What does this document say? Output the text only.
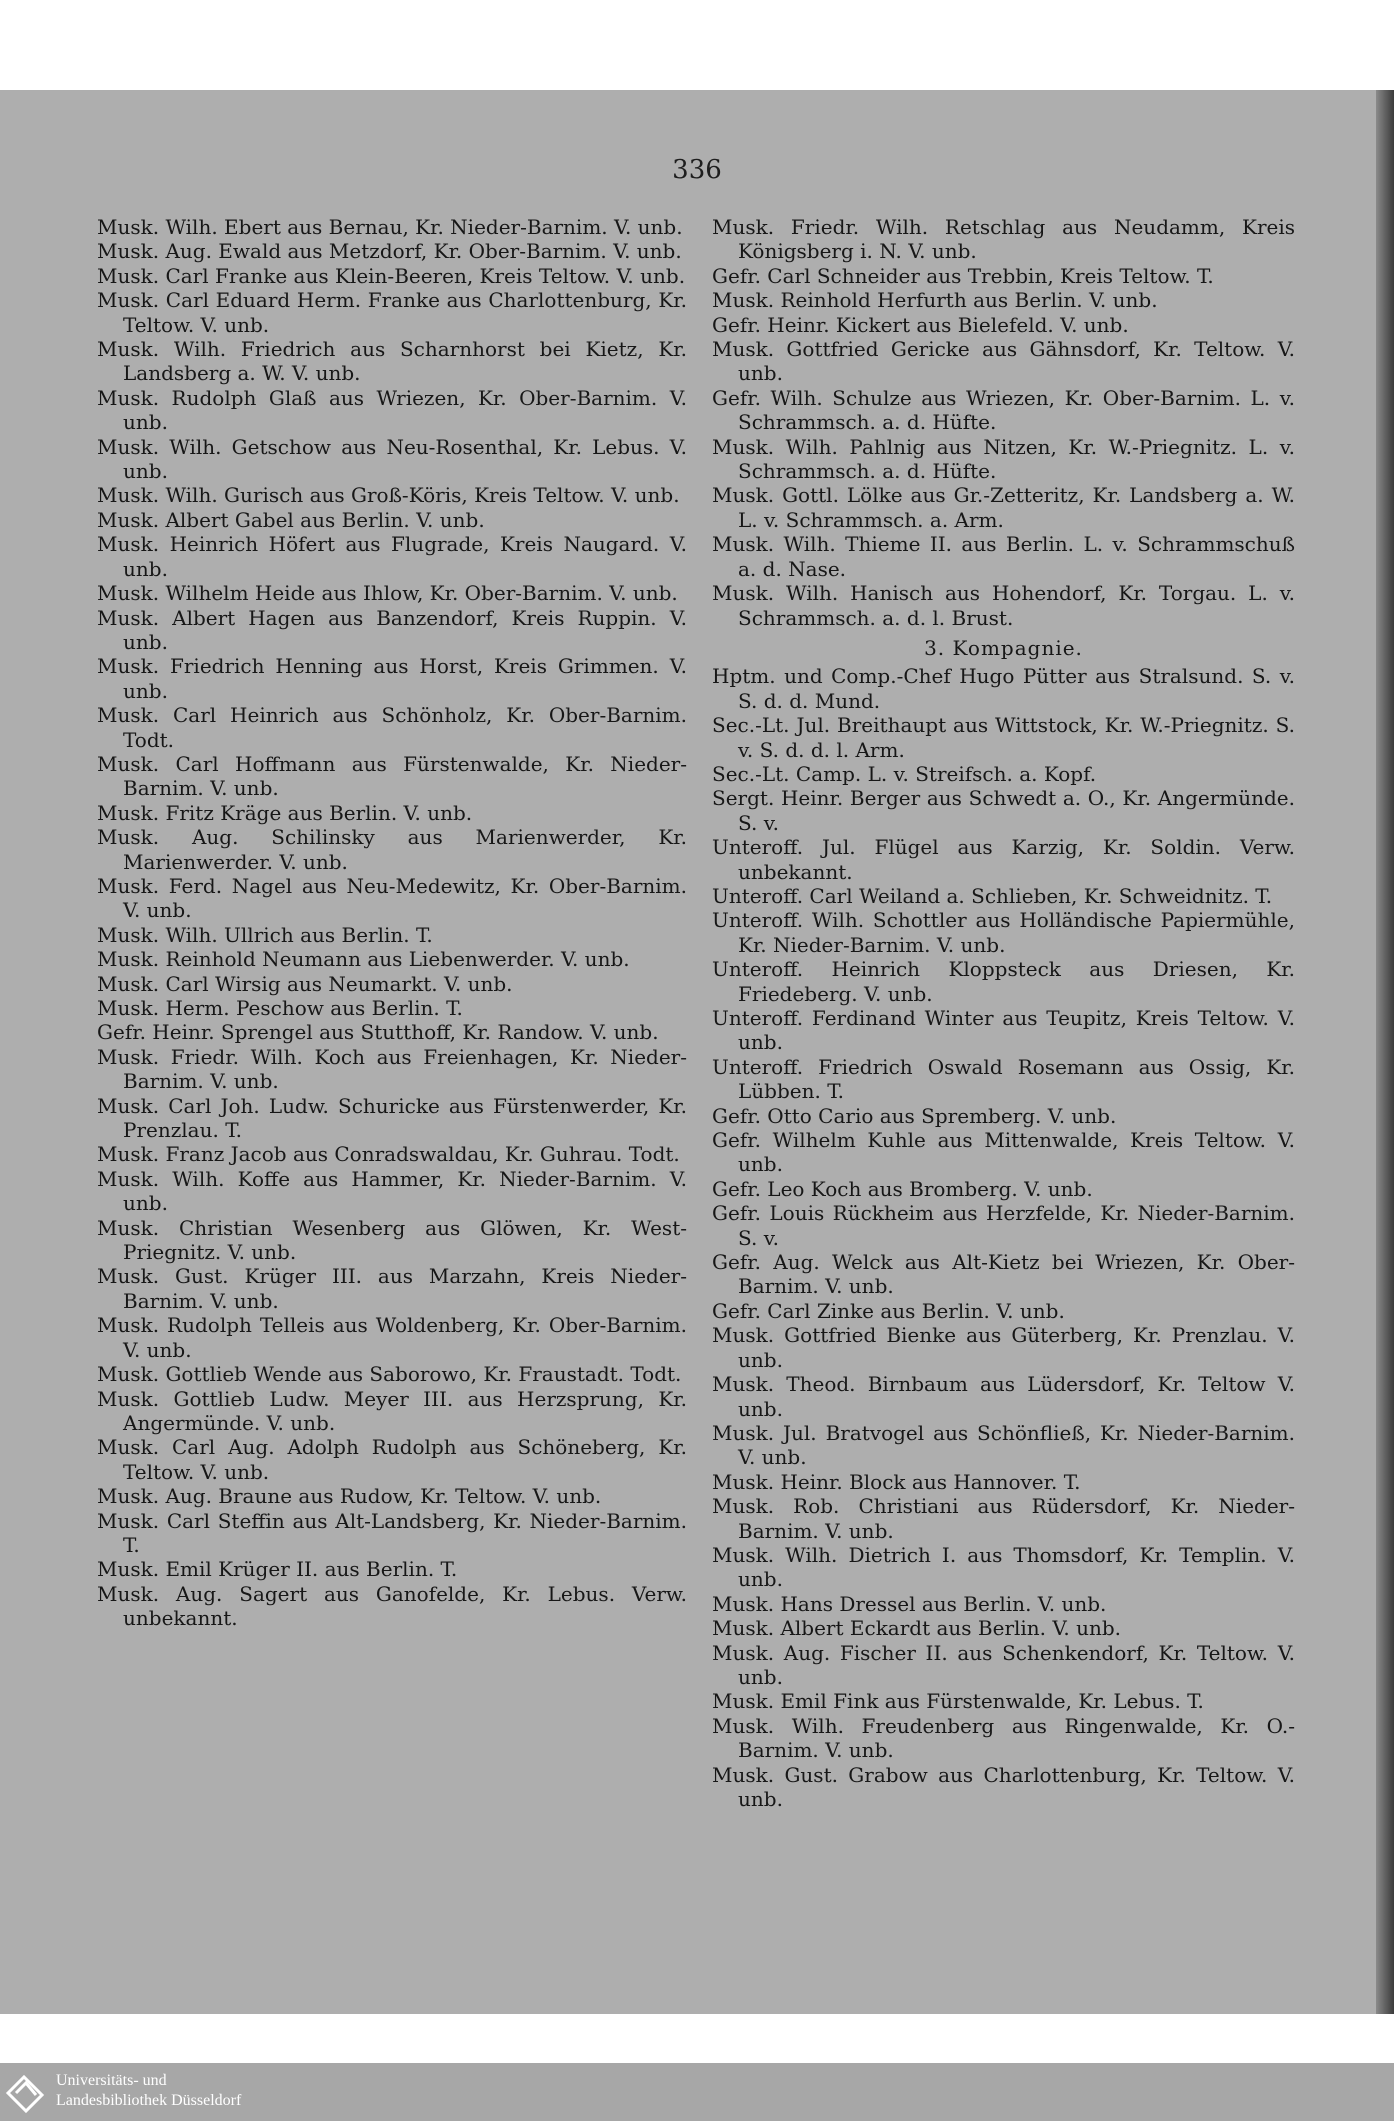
336
Musk. Wilh. Ebert aus Bernau, Kr. Nieder-Barnim. V. unb.
Musk. Aug. Ewald aus Metzdorf, Kr. Ober-Barnim. V. unb.
Musk. Carl Franke aus Klein-Beeren, Kreis Teltow. V. unb.
Musk. Carl Eduard Herm. Franke aus Charlottenburg, Kr. Teltow. V. unb.
Musk. Wilh. Friedrich aus Scharnhorst bei Kietz, Kr. Landsberg a. W. V. unb.
Musk. Rudolph Glaß aus Wriezen, Kr. Ober-Barnim. V. unb.
Musk. Wilh. Getschow aus Neu-Rosenthal, Kr. Lebus. V. unb.
Musk. Wilh. Gurisch aus Groß-Köris, Kreis Teltow. V. unb.
Musk. Albert Gabel aus Berlin. V. unb.
Musk. Heinrich Höfert aus Flugrade, Kreis Naugard. V. unb.
Musk. Wilhelm Heide aus Ihlow, Kr. Ober-Barnim. V. unb.
Musk. Albert Hagen aus Banzendorf, Kreis Ruppin. V. unb.
Musk. Friedrich Henning aus Horst, Kreis Grimmen. V. unb.
Musk. Carl Heinrich aus Schönholz, Kr. Ober-Barnim. Todt.
Musk. Carl Hoffmann aus Fürstenwalde, Kr. Nieder-Barnim. V. unb.
Musk. Fritz Kräge aus Berlin. V. unb.
Musk. Aug. Schilinsky aus Marienwerder, Kr. Marienwerder. V. unb.
Musk. Ferd. Nagel aus Neu-Medewitz, Kr. Ober-Barnim. V. unb.
Musk. Wilh. Ullrich aus Berlin. T.
Musk. Reinhold Neumann aus Liebenwerder. V. unb.
Musk. Carl Wirsig aus Neumarkt. V. unb.
Musk. Herm. Peschow aus Berlin. T.
Gefr. Heinr. Sprengel aus Stutthoff, Kr. Randow. V. unb.
Musk. Friedr. Wilh. Koch aus Freienhagen, Kr. Nieder-Barnim. V. unb.
Musk. Carl Joh. Ludw. Schuricke aus Fürstenwerder, Kr. Prenzlau. T.
Musk. Franz Jacob aus Conradswaldau, Kr. Guhrau. Todt.
Musk. Wilh. Koffe aus Hammer, Kr. Nieder-Barnim. V. unb.
Musk. Christian Wesenberg aus Glöwen, Kr. West-Priegnitz. V. unb.
Musk. Gust. Krüger III. aus Marzahn, Kreis Nieder-Barnim. V. unb.
Musk. Rudolph Telleis aus Woldenberg, Kr. Ober-Barnim. V. unb.
Musk. Gottlieb Wende aus Saborowo, Kr. Fraustadt. Todt.
Musk. Gottlieb Ludw. Meyer III. aus Herzsprung, Kr. Angermünde. V. unb.
Musk. Carl Aug. Adolph Rudolph aus Schöneberg, Kr. Teltow. V. unb.
Musk. Aug. Braune aus Rudow, Kr. Teltow. V. unb.
Musk. Carl Steffin aus Alt-Landsberg, Kr. Nieder-Barnim. T.
Musk. Emil Krüger II. aus Berlin. T.
Musk. Aug. Sagert aus Ganofelde, Kr. Lebus. Verw. unbekannt.
Musk. Friedr. Wilh. Retschlag aus Neudamm, Kreis Königsberg i. N. V. unb.
Gefr. Carl Schneider aus Trebbin, Kreis Teltow. T.
Musk. Reinhold Herfurth aus Berlin. V. unb.
Gefr. Heinr. Kickert aus Bielefeld. V. unb.
Musk. Gottfried Gericke aus Gähnsdorf, Kr. Teltow. V. unb.
Gefr. Wilh. Schulze aus Wriezen, Kr. Ober-Barnim. L. v. Schrammsch. a. d. Hüfte.
Musk. Wilh. Pahlnig aus Nitzen, Kr. W.-Priegnitz. L. v. Schrammsch. a. d. Hüfte.
Musk. Gottl. Lölke aus Gr.-Zetteritz, Kr. Landsberg a. W. L. v. Schrammsch. a. Arm.
Musk. Wilh. Thieme II. aus Berlin. L. v. Schrammschuß a. d. Nase.
Musk. Wilh. Hanisch aus Hohendorf, Kr. Torgau. L. v. Schrammsch. a. d. l. Brust.
3. Kompagnie.
Hptm. und Comp.-Chef Hugo Pütter aus Stralsund. S. v. S. d. d. Mund.
Sec.-Lt. Jul. Breithaupt aus Wittstock, Kr. W.-Priegnitz. S. v. S. d. d. l. Arm.
Sec.-Lt. Camp. L. v. Streifsch. a. Kopf.
Sergt. Heinr. Berger aus Schwedt a. O., Kr. Angermünde. S. v.
Unteroff. Jul. Flügel aus Karzig, Kr. Soldin. Verw. unbekannt.
Unteroff. Carl Weiland a. Schlieben, Kr. Schweidnitz. T.
Unteroff. Wilh. Schottler aus Holländische Papiermühle, Kr. Nieder-Barnim. V. unb.
Unteroff. Heinrich Kloppsteck aus Driesen, Kr. Friedeberg. V. unb.
Unteroff. Ferdinand Winter aus Teupitz, Kreis Teltow. V. unb.
Unteroff. Friedrich Oswald Rosemann aus Ossig, Kr. Lübben. T.
Gefr. Otto Cario aus Spremberg. V. unb.
Gefr. Wilhelm Kuhle aus Mittenwalde, Kreis Teltow. V. unb.
Gefr. Leo Koch aus Bromberg. V. unb.
Gefr. Louis Rückheim aus Herzfelde, Kr. Nieder-Barnim. S. v.
Gefr. Aug. Welck aus Alt-Kietz bei Wriezen, Kr. Ober-Barnim. V. unb.
Gefr. Carl Zinke aus Berlin. V. unb.
Musk. Gottfried Bienke aus Güterberg, Kr. Prenzlau. V. unb.
Musk. Theod. Birnbaum aus Lüdersdorf, Kr. Teltow V. unb.
Musk. Jul. Bratvogel aus Schönfließ, Kr. Nieder-Barnim. V. unb.
Musk. Heinr. Block aus Hannover. T.
Musk. Rob. Christiani aus Rüdersdorf, Kr. Nieder-Barnim. V. unb.
Musk. Wilh. Dietrich I. aus Thomsdorf, Kr. Templin. V. unb.
Musk. Hans Dressel aus Berlin. V. unb.
Musk. Albert Eckardt aus Berlin. V. unb.
Musk. Aug. Fischer II. aus Schenkendorf, Kr. Teltow. V. unb.
Musk. Emil Fink aus Fürstenwalde, Kr. Lebus. T.
Musk. Wilh. Freudenberg aus Ringenwalde, Kr. O.-Barnim. V. unb.
Musk. Gust. Grabow aus Charlottenburg, Kr. Teltow. V. unb.
Universitäts- und
Landesbibliothek Düsseldorf
